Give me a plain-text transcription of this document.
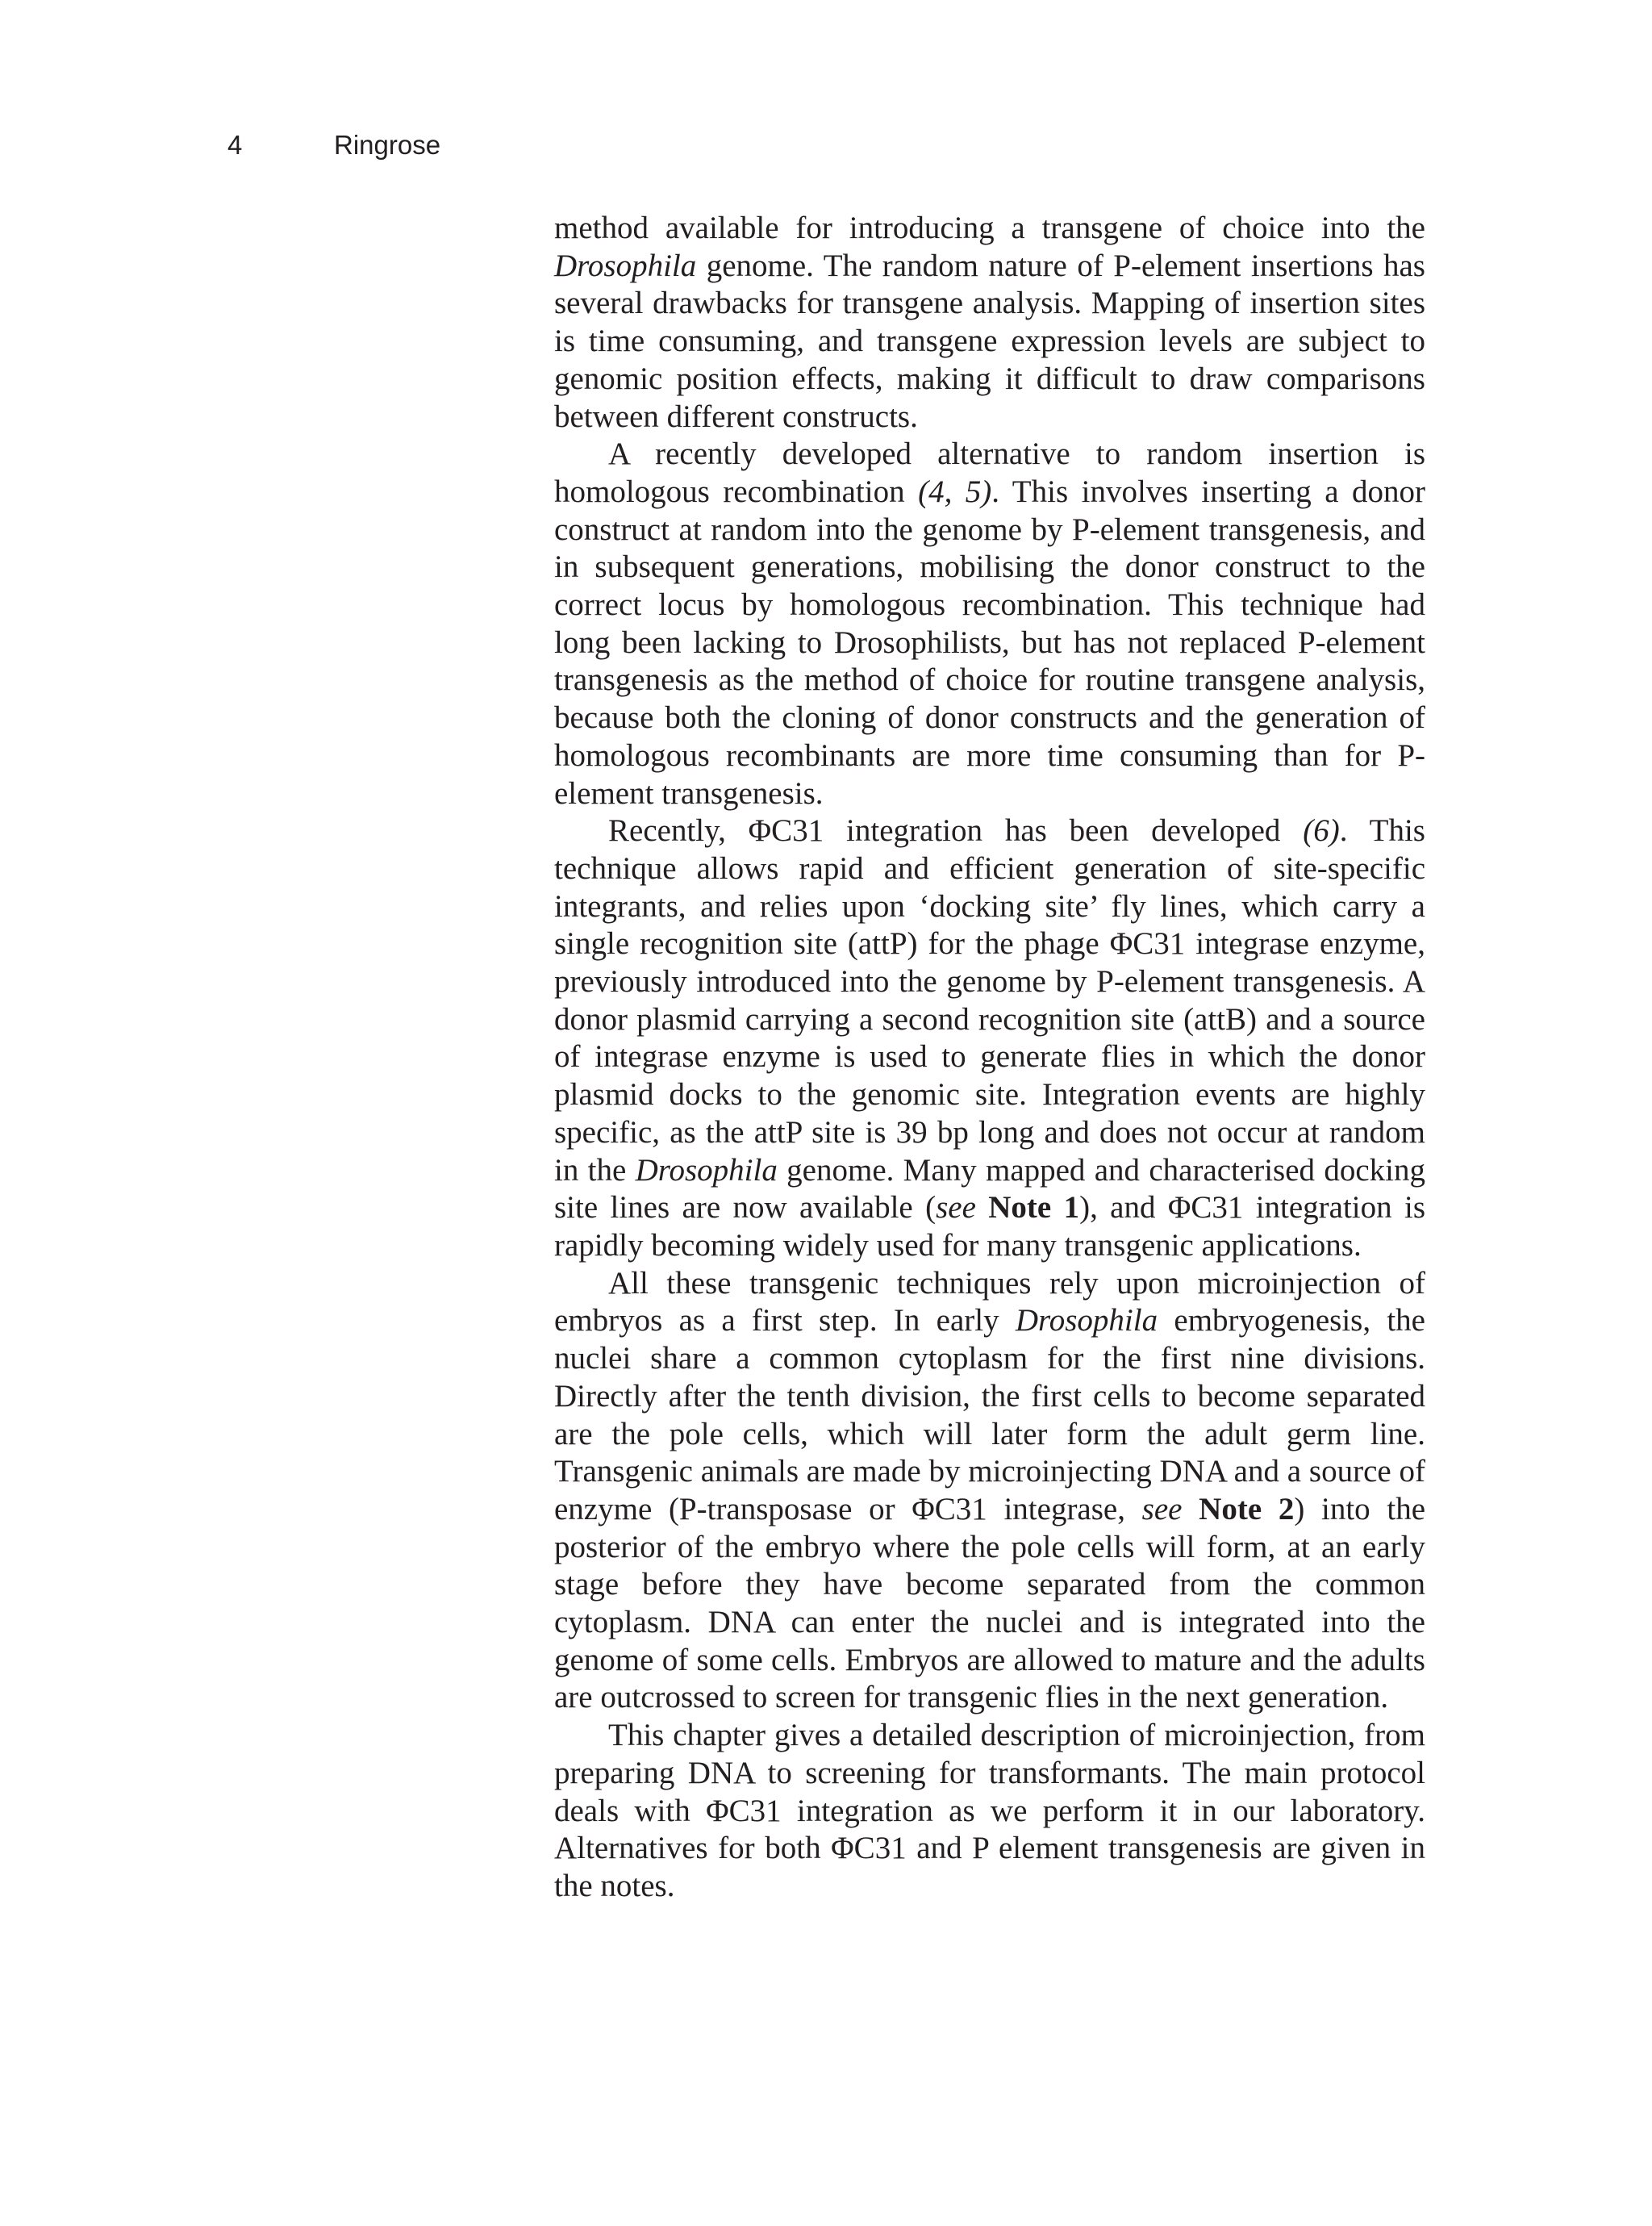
4	Ringrose

method available for introducing a transgene of choice into the Drosophila genome. The random nature of P-element insertions has several drawbacks for transgene analysis. Mapping of insertion sites is time consuming, and transgene expression levels are subject to genomic position effects, making it difficult to draw comparisons between different constructs.

A recently developed alternative to random insertion is homologous recombination (4, 5). This involves inserting a donor construct at random into the genome by P-element transgenesis, and in subsequent generations, mobilising the donor construct to the correct locus by homologous recombination. This technique had long been lacking to Drosophilists, but has not replaced P-element transgenesis as the method of choice for routine transgene analysis, because both the cloning of donor constructs and the generation of homologous recombinants are more time consuming than for P-element transgenesis.

Recently, ΦC31 integration has been developed (6). This technique allows rapid and efficient generation of site-specific integrants, and relies upon ‘docking site’ fly lines, which carry a single recognition site (attP) for the phage ΦC31 integrase enzyme, previously introduced into the genome by P-element transgenesis. A donor plasmid carrying a second recognition site (attB) and a source of integrase enzyme is used to generate flies in which the donor plasmid docks to the genomic site. Integration events are highly specific, as the attP site is 39 bp long and does not occur at random in the Drosophila genome. Many mapped and characterised docking site lines are now available (see Note 1), and ΦC31 integration is rapidly becoming widely used for many transgenic applications.

All these transgenic techniques rely upon microinjection of embryos as a first step. In early Drosophila embryogenesis, the nuclei share a common cytoplasm for the first nine divisions. Directly after the tenth division, the first cells to become separated are the pole cells, which will later form the adult germ line. Transgenic animals are made by microinjecting DNA and a source of enzyme (P-transposase or ΦC31 integrase, see Note 2) into the posterior of the embryo where the pole cells will form, at an early stage before they have become separated from the common cytoplasm. DNA can enter the nuclei and is integrated into the genome of some cells. Embryos are allowed to mature and the adults are outcrossed to screen for transgenic flies in the next generation.

This chapter gives a detailed description of microinjection, from preparing DNA to screening for transformants. The main protocol deals with ΦC31 integration as we perform it in our laboratory. Alternatives for both ΦC31 and P element transgenesis are given in the notes.
